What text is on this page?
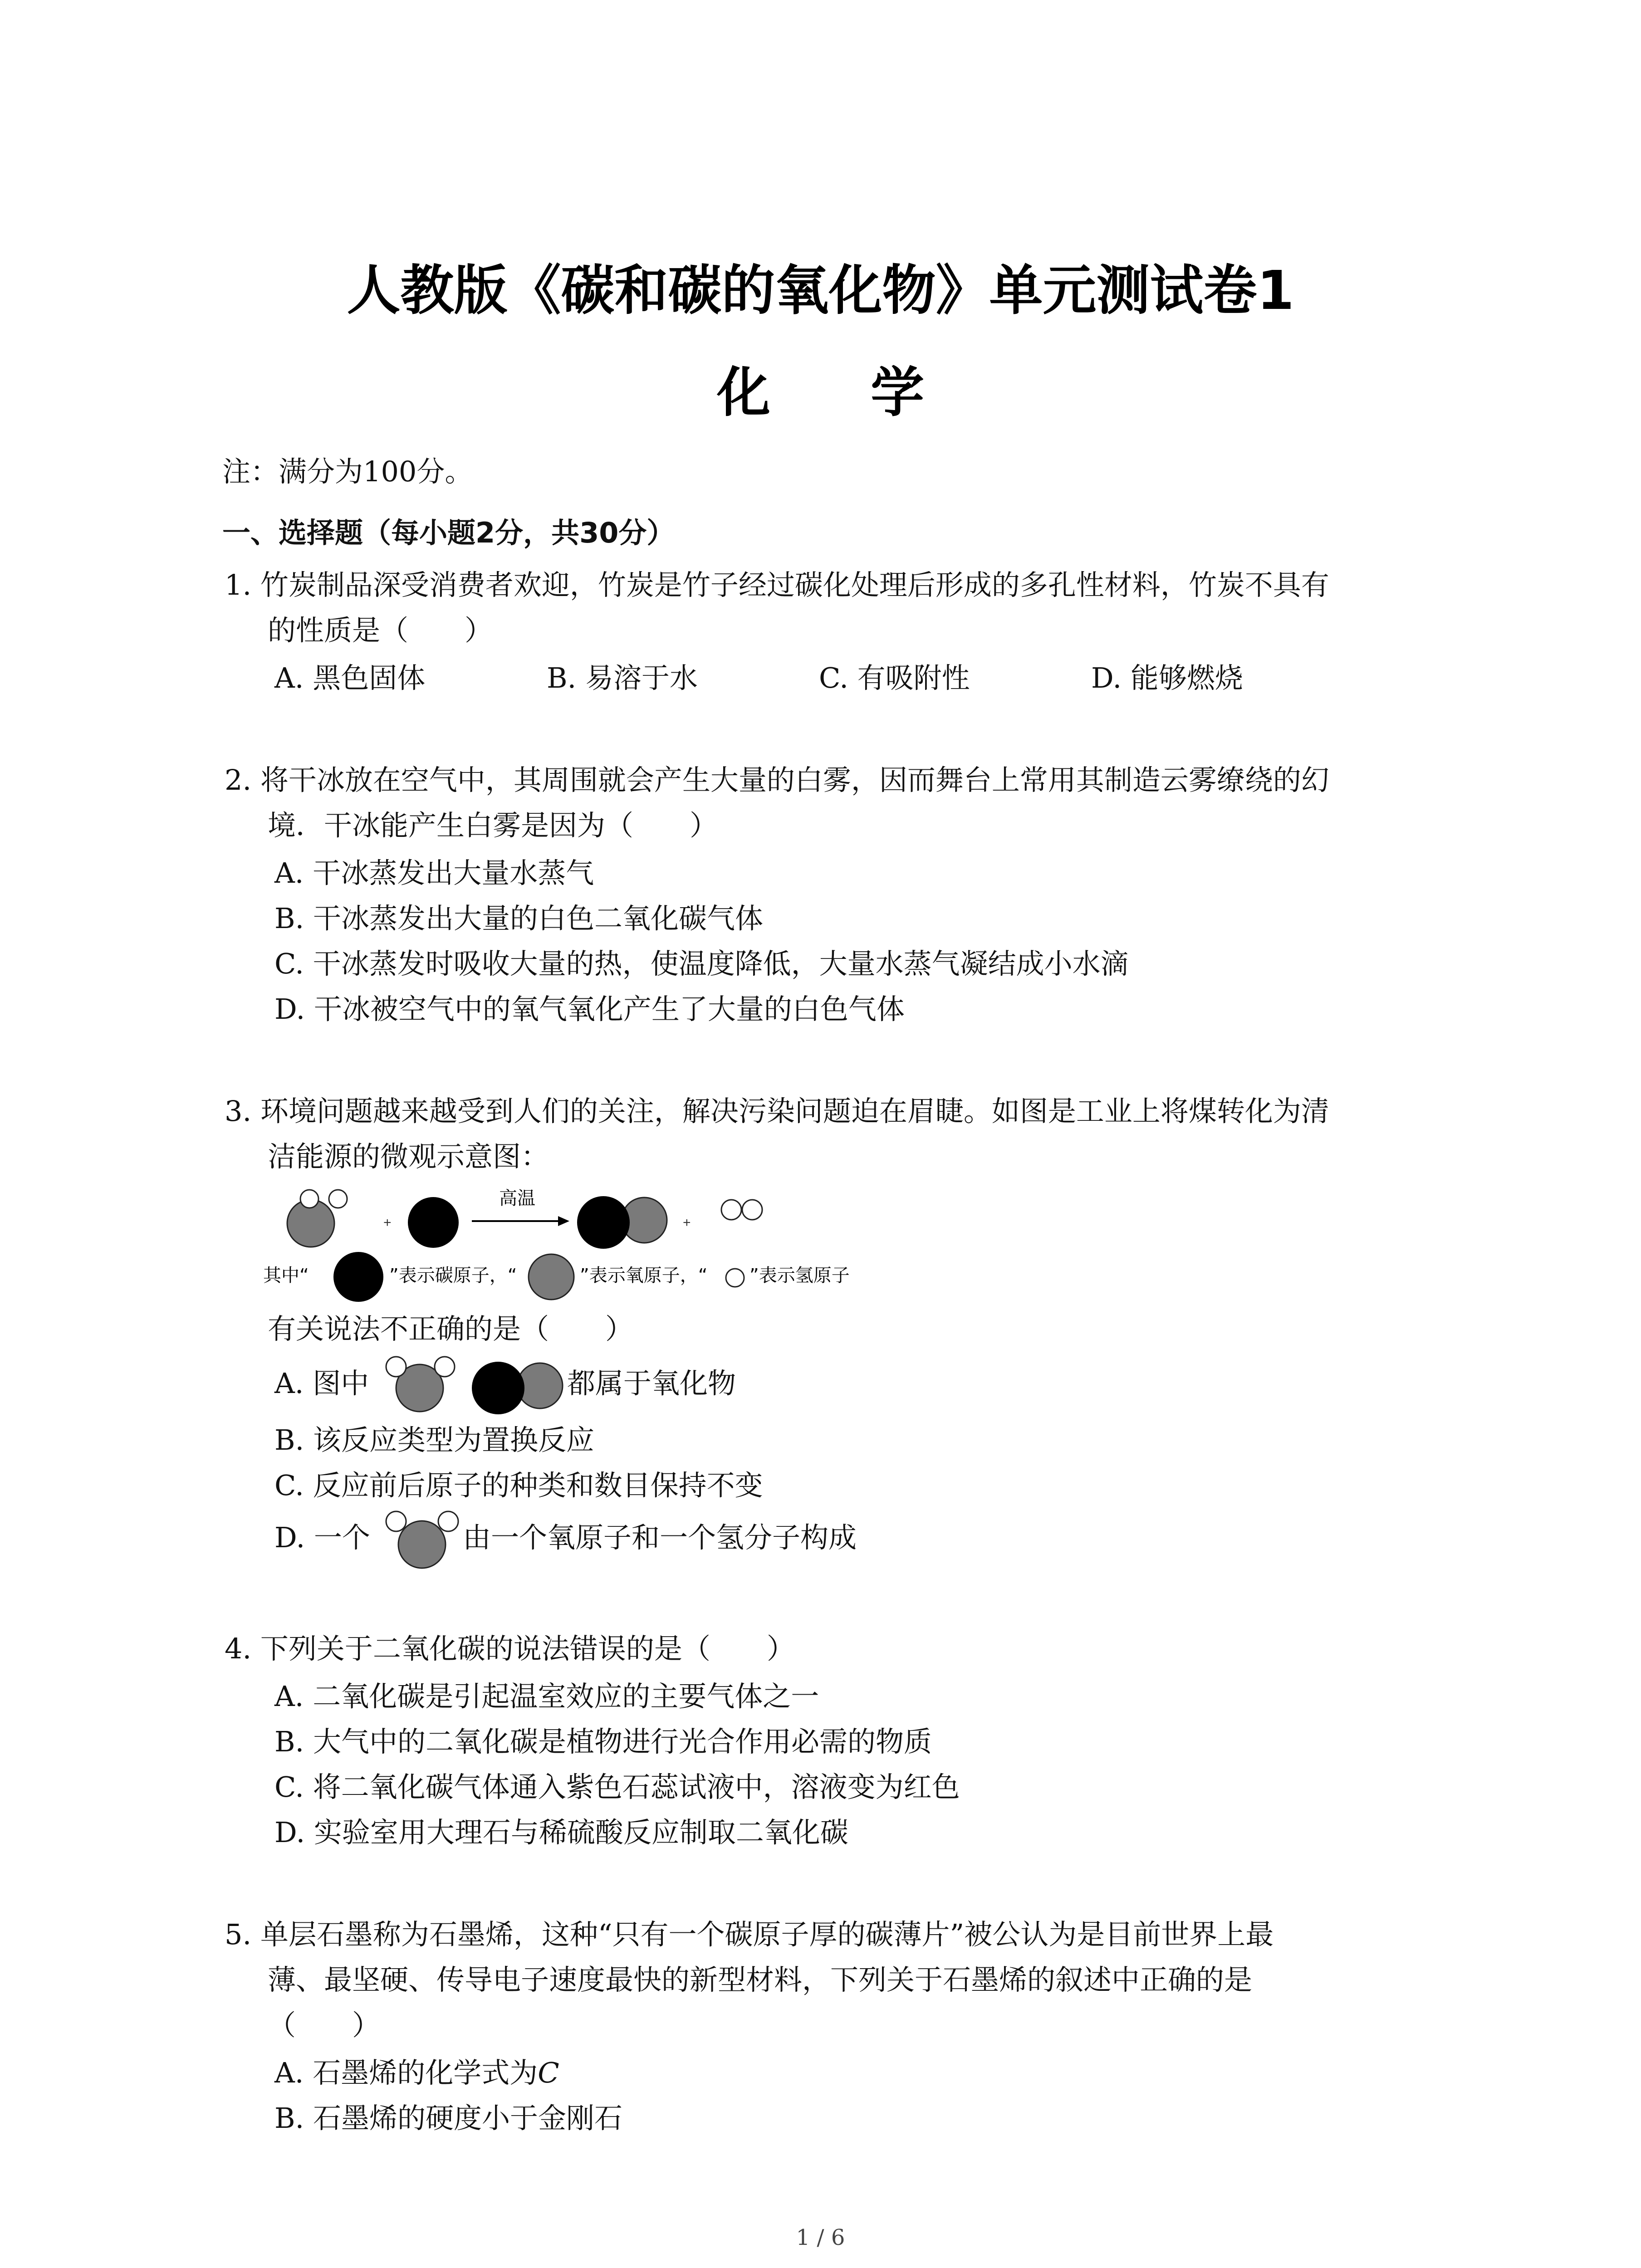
人教版《碳和碳的氧化物》单元测试卷1
化 学
注：满分为100分。
一、选择题（每小题2分，共30分）
1. 竹炭制品深受消费者欢迎，竹炭是竹子经过碳化处理后形成的多孔性材料，竹炭不具有
的性质是（　　）
A. 黑色固体	B. 易溶于水	C. 有吸附性	D. 能够燃烧
2. 将干冰放在空气中，其周围就会产生大量的白雾，因而舞台上常用其制造云雾缭绕的幻
境．干冰能产生白雾是因为（　　）
A. 干冰蒸发出大量水蒸气
B. 干冰蒸发出大量的白色二氧化碳气体
C. 干冰蒸发时吸收大量的热，使温度降低，大量水蒸气凝结成小水滴
D. 干冰被空气中的氧气氧化产生了大量的白色气体
3. 环境问题越来越受到人们的关注，解决污染问题迫在眉睫。如图是工业上将煤转化为清
洁能源的微观示意图：
+
高温
+
其中“	”表示碳原子，“	”表示氧原子，“ ”表示氢原子
有关说法不正确的是（　　）
A. 图中	都属于氧化物
B. 该反应类型为置换反应
C. 反应前后原子的种类和数目保持不变
D. 一个	由一个氧原子和一个氢分子构成
4. 下列关于二氧化碳的说法错误的是（　　）
A. 二氧化碳是引起温室效应的主要气体之一
B. 大气中的二氧化碳是植物进行光合作用必需的物质
C. 将二氧化碳气体通入紫色石蕊试液中，溶液变为红色
D. 实验室用大理石与稀硫酸反应制取二氧化碳
5. 单层石墨称为石墨烯，这种“只有一个碳原子厚的碳薄片”被公认为是目前世界上最
薄、最坚硬、传导电子速度最快的新型材料，下列关于石墨烯的叙述中正确的是
（　　）
A. 石墨烯的化学式为C
B. 石墨烯的硬度小于金刚石
1 / 6
